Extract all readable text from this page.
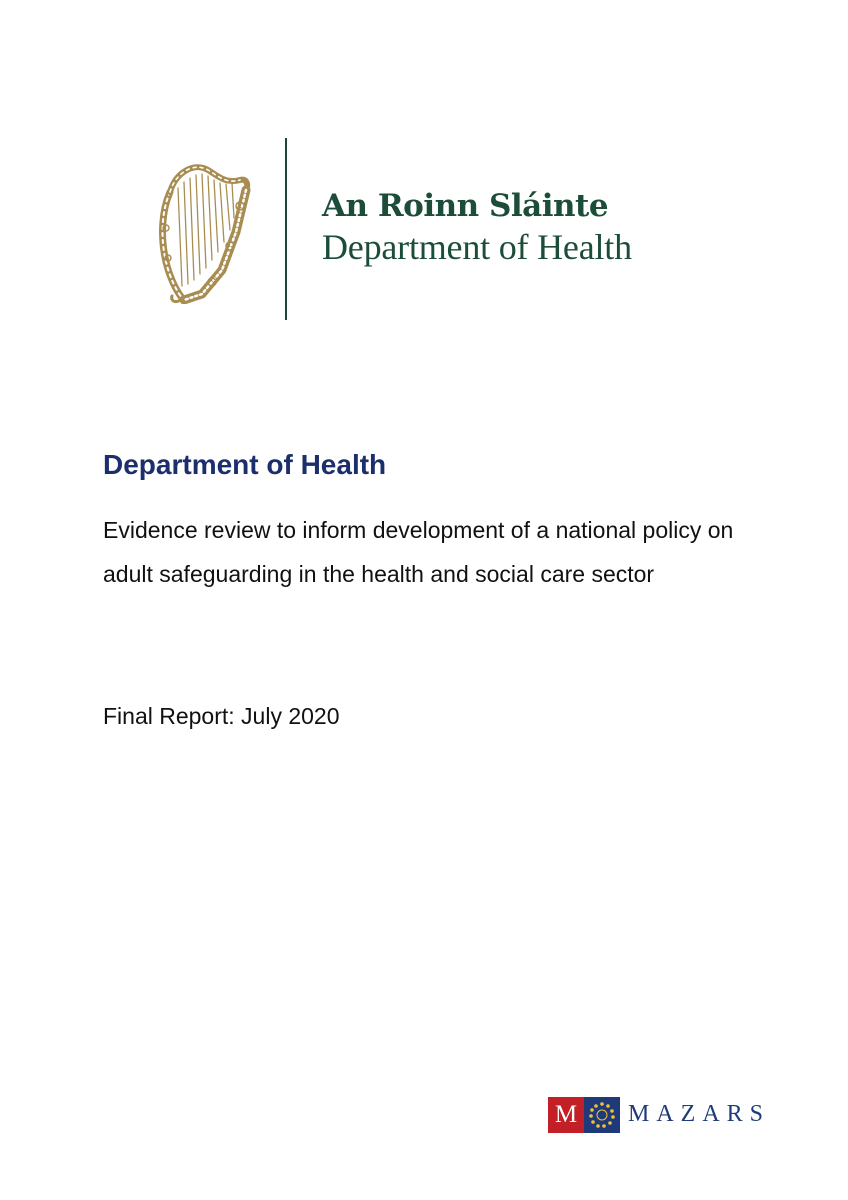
An Roinn Sláinte
Department of Health
Department of Health
Evidence review to inform development of a national policy on adult safeguarding in the health and social care sector
Final Report: July 2020
M MAZARS
